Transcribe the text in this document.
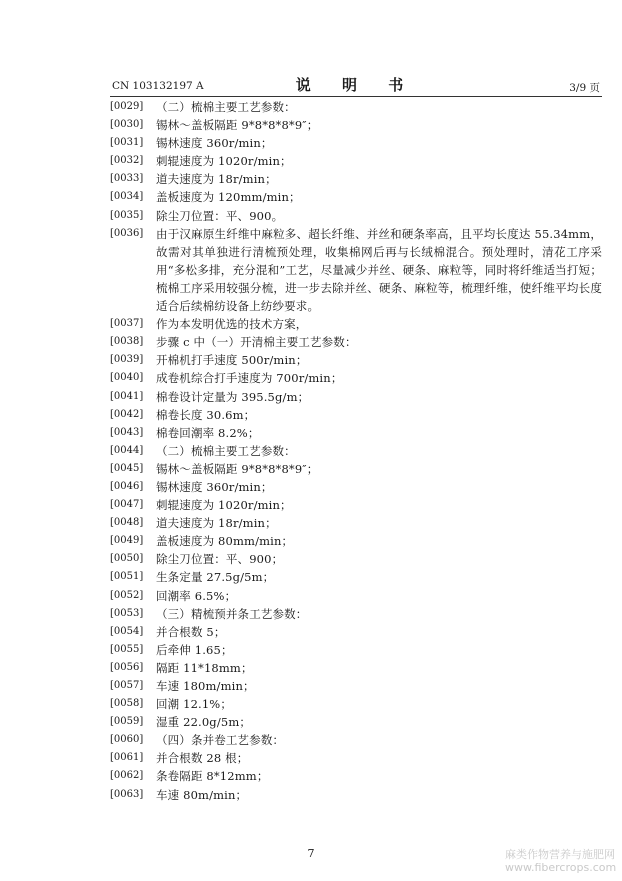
CN 103132197 A	说 明 书	3/9 页
[0029]	（二）梳棉主要工艺参数：
[0030]	锡林～盖板隔距 9*8*8*8*9″；
[0031]	锡林速度 360r/min；
[0032]	刺辊速度为 1020r/min；
[0033]	道夫速度为 18r/min；
[0034]	盖板速度为 120mm/min；
[0035]	除尘刀位置：平、900。
[0036]	由于汉麻原生纤维中麻粒多、超长纤维、并丝和硬条率高，且平均长度达 55.34mm，故需对其单独进行清梳预处理，收集棉网后再与长绒棉混合。预处理时，清花工序采用“多松多排，充分混和”工艺，尽量减少并丝、硬条、麻粒等，同时将纤维适当打短；梳棉工序采用较强分梳，进一步去除并丝、硬条、麻粒等，梳理纤维，使纤维平均长度适合后续棉纺设备上纺纱要求。
[0037]	作为本发明优选的技术方案，
[0038]	步骤 c 中（一）开清棉主要工艺参数：
[0039]	开棉机打手速度 500r/min；
[0040]	成卷机综合打手速度为 700r/min；
[0041]	棉卷设计定量为 395.5g/m；
[0042]	棉卷长度 30.6m；
[0043]	棉卷回潮率 8.2%；
[0044]	（二）梳棉主要工艺参数：
[0045]	锡林～盖板隔距 9*8*8*8*9″；
[0046]	锡林速度 360r/min；
[0047]	刺辊速度为 1020r/min；
[0048]	道夫速度为 18r/min；
[0049]	盖板速度为 80mm/min；
[0050]	除尘刀位置：平、900；
[0051]	生条定量 27.5g/5m；
[0052]	回潮率 6.5%；
[0053]	（三）精梳预并条工艺参数：
[0054]	并合根数 5；
[0055]	后牵伸 1.65；
[0056]	隔距 11*18mm；
[0057]	车速 180m/min；
[0058]	回潮 12.1%；
[0059]	湿重 22.0g/5m；
[0060]	（四）条并卷工艺参数：
[0061]	并合根数 28 根；
[0062]	条卷隔距 8*12mm；
[0063]	车速 80m/min；
7	麻类作物营养与施肥网
www.fibercrops.com
